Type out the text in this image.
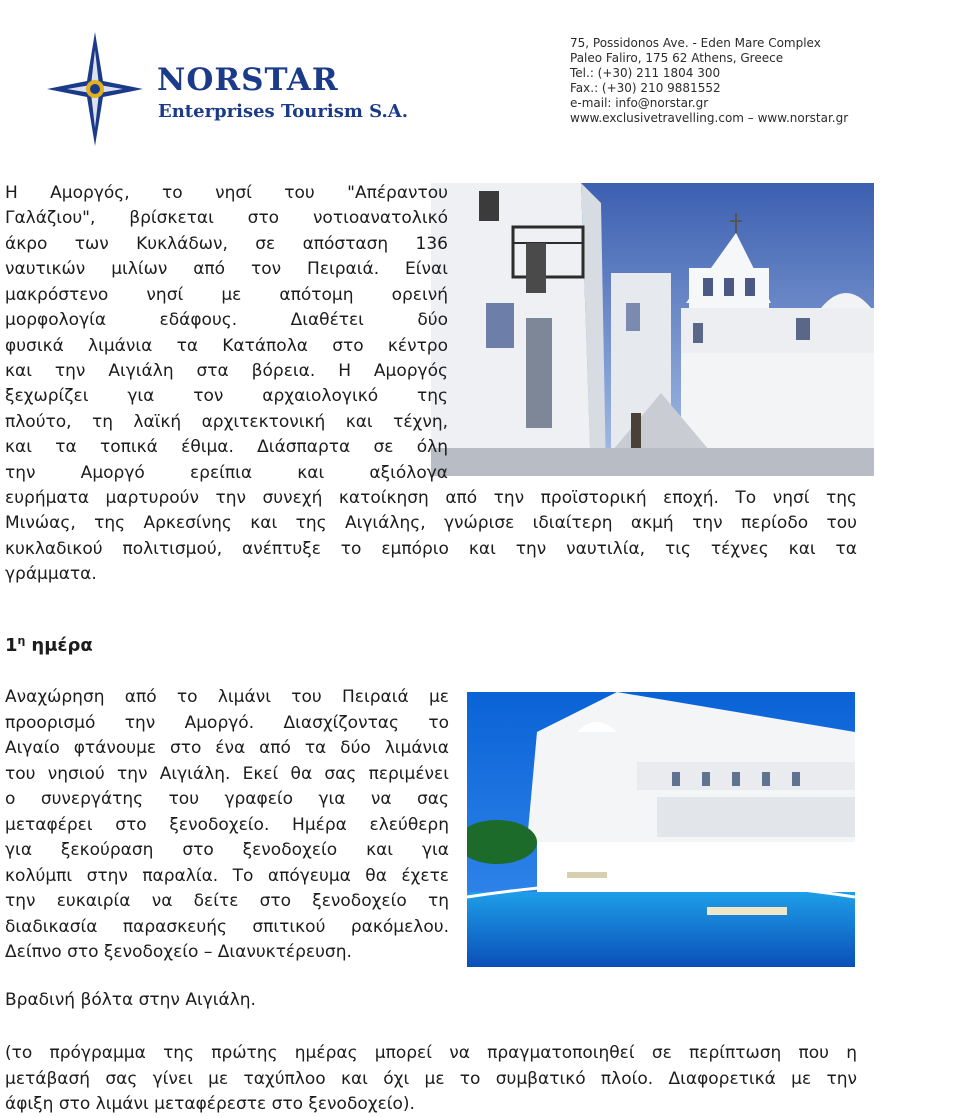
NORSTAR
Enterprises Tourism S.A.
75, Possidonos Ave. - Eden Mare Complex
Paleo Faliro, 175 62 Athens, Greece
Tel.: (+30) 211 1804 300
Fax.: (+30) 210 9881552
e-mail: info@norstar.gr
www.exclusivetravelling.com – www.norstar.gr

Η Αμοργός, το νησί του "Απέραντου

Γαλάζιου", βρίσκεται στο νοτιοανατολικό

άκρο των Κυκλάδων, σε απόσταση 136

ναυτικών μιλίων από τον Πειραιά. Είναι

μακρόστενο νησί με απότομη ορεινή

μορφολογία εδάφους. Διαθέτει δύο

φυσικά λιμάνια τα Κατάπολα στο κέντρο

και την Αιγιάλη στα βόρεια. Η Αμοργός

ξεχωρίζει για τον αρχαιολογικό της

πλούτο, τη λαϊκή αρχιτεκτονική και τέχνη,

και τα τοπικά έθιμα. Διάσπαρτα σε όλη

την Αμοργό ερείπια και αξιόλογα

ευρήματα μαρτυρούν την συνεχή κατοίκηση από την προϊστορική εποχή. Το νησί της

Μινώας, της Αρκεσίνης και της Αιγιάλης, γνώρισε ιδιαίτερη ακμή την περίοδο του

κυκλαδικού πολιτισμού, ανέπτυξε το εμπόριο και την ναυτιλία, τις τέχνες και τα

γράμματα.

$1^\eta$ ημέρα

Αναχώρηση από το λιμάνι του Πειραιά με

προορισμό την Αμοργό. Διασχίζοντας το

Αιγαίο φτάνουμε στο ένα από τα δύο λιμάνια

του νησιού την Αιγιάλη. Εκεί θα σας περιμένει

ο συνεργάτης του γραφείο για να σας

μεταφέρει στο ξενοδοχείο. Ημέρα ελεύθερη

για ξεκούραση στο ξενοδοχείο και για

κολύμπι στην παραλία. Το απόγευμα θα έχετε

την ευκαιρία να δείτε στο ξενοδοχείο τη

διαδικασία παρασκευής σπιτικού ρακόμελου.

Δείπνο στο ξενοδοχείο – Διανυκτέρευση.

Βραδινή βόλτα στην Αιγιάλη.

(το πρόγραμμα της πρώτης ημέρας μπορεί να πραγματοποιηθεί σε περίπτωση που η

μετάβασή σας γίνει με ταχύπλοο και όχι με το συμβατικό πλοίο. Διαφορετικά με την

άφιξη στο λιμάνι μεταφέρεστε στο ξενοδοχείο).
